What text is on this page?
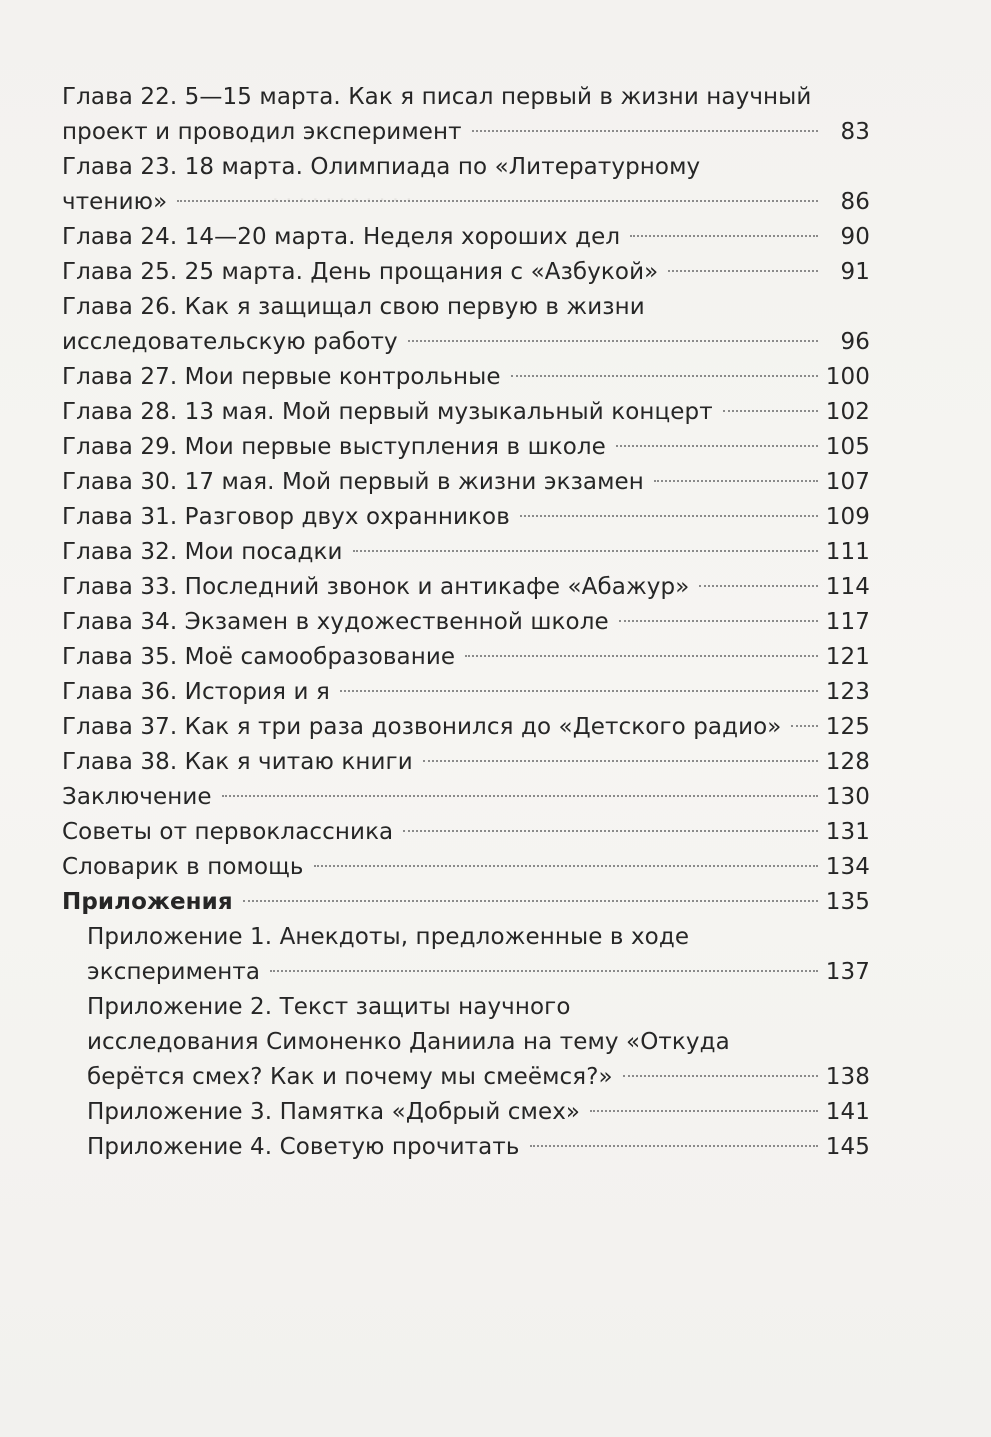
· · · · · · · · · · ·
Глава 22. 5—15 марта. Как я писал первый в жизни научный
проект и проводил эксперимент	83
Глава 23. 18 марта. Олимпиада по «Литературному
чтению»	86
Глава 24. 14—20 марта. Неделя хороших дел	90
Глава 25. 25 марта. День прощания с «Азбукой»	91
Глава 26. Как я защищал свою первую в жизни
исследовательскую работу	96
Глава 27. Мои первые контрольные	100
Глава 28. 13 мая. Мой первый музыкальный концерт	102
Глава 29. Мои первые выступления в школе	105
Глава 30. 17 мая. Мой первый в жизни экзамен	107
Глава 31. Разговор двух охранников	109
Глава 32. Мои посадки	111
Глава 33. Последний звонок и антикафе «Абажур»	114
Глава 34. Экзамен в художественной школе	117
Глава 35. Моё самообразование	121
Глава 36. История и я	123
Глава 37. Как я три раза дозвонился до «Детского радио» 125
Глава 38. Как я читаю книги	128
Заключение	130
Советы от первоклассника	131
Словарик в помощь	134
Приложения	135
Приложение 1. Анекдоты, предложенные в ходе
эксперимента	137
Приложение 2. Текст защиты научного
исследования Симоненко Даниила на тему «Откуда
берётся смех? Как и почему мы смеёмся?»	138
Приложение 3. Памятка «Добрый смех»	141
Приложение 4. Советую прочитать	145
